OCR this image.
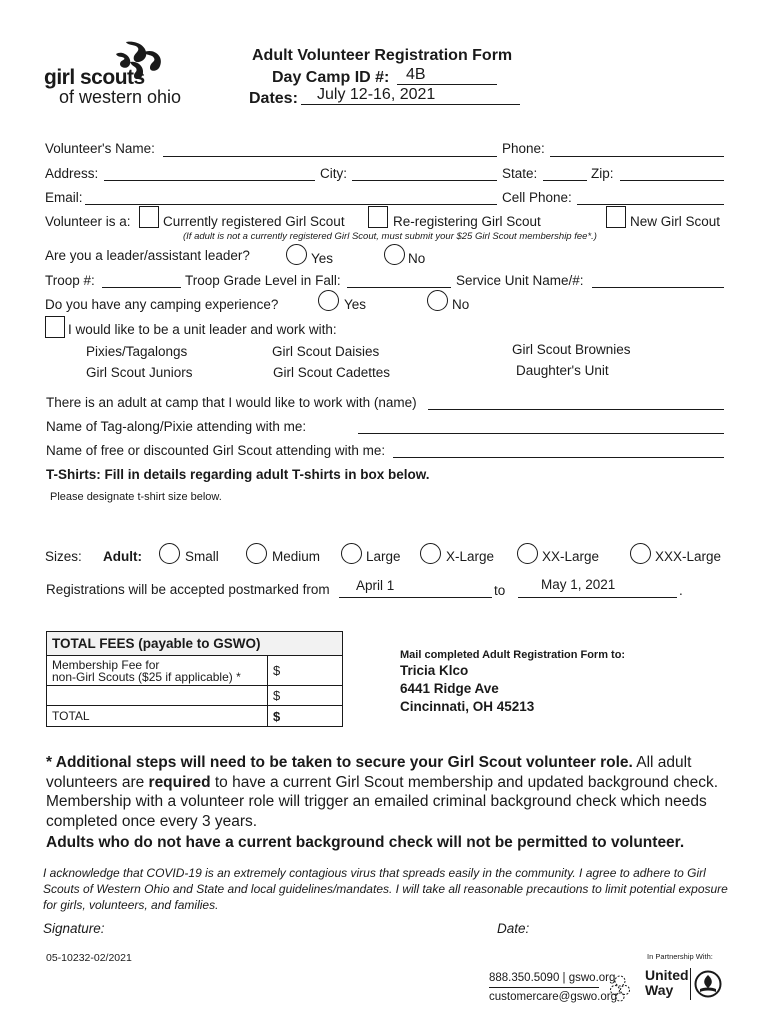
girl scouts
of western ohio
Adult Volunteer Registration Form
Day Camp ID #: 4B
Dates: July 12-16, 2021
Volunteer's Name:	Phone:
Address:	City:	State:	Zip:
Email:	Cell Phone:
Volunteer is a: Currently registered Girl Scout	Re-registering Girl Scout	New Girl Scout
(If adult is not a currently registered Girl Scout, must submit your $25 Girl Scout membership fee*.)
Are you a leader/assistant leader?	Yes	No
Troop #:	Troop Grade Level in Fall:	Service Unit Name/#:
Do you have any camping experience?	Yes	No
I would like to be a unit leader and work with:
Pixies/Tagalongs	Girl Scout Daisies	Girl Scout Brownies
Girl Scout Juniors	Girl Scout Cadettes	Daughter's Unit
There is an adult at camp that I would like to work with (name)
Name of Tag-along/Pixie attending with me:
Name of free or discounted Girl Scout attending with me:
T-Shirts: Fill in details regarding adult T-shirts in box below.
Please designate t-shirt size below.
Sizes: Adult:	Small	Medium	Large	X-Large	XX-Large	XXX-Large
Registrations will be accepted postmarked from April 1	to	May 1, 2021	.
TOTAL FEES (payable to GSWO)	

Membership Fee for
non-Girl Scouts ($25 if applicable) *	$
	$
TOTAL	$
Mail completed Adult Registration Form to:
Tricia Klco
6441 Ridge Ave
Cincinnati, OH 45213
* Additional steps will need to be taken to secure your Girl Scout volunteer role. All adult volunteers are required to have a current Girl Scout membership and updated background check. Membership with a volunteer role will trigger an emailed criminal background check which needs completed once every 3 years.
Adults who do not have a current background check will not be permitted to volunteer.
I acknowledge that COVID-19 is an extremely contagious virus that spreads easily in the community. I agree to adhere to Girl Scouts of Western Ohio and State and local guidelines/mandates. I will take all reasonable precautions to limit potential exposure for girls, volunteers, and families.
Signature:	Date:
05-10232-02/2021
888.350.5090 | gswo.org
customercare@gswo.org
In Partnership With:
United
Way
